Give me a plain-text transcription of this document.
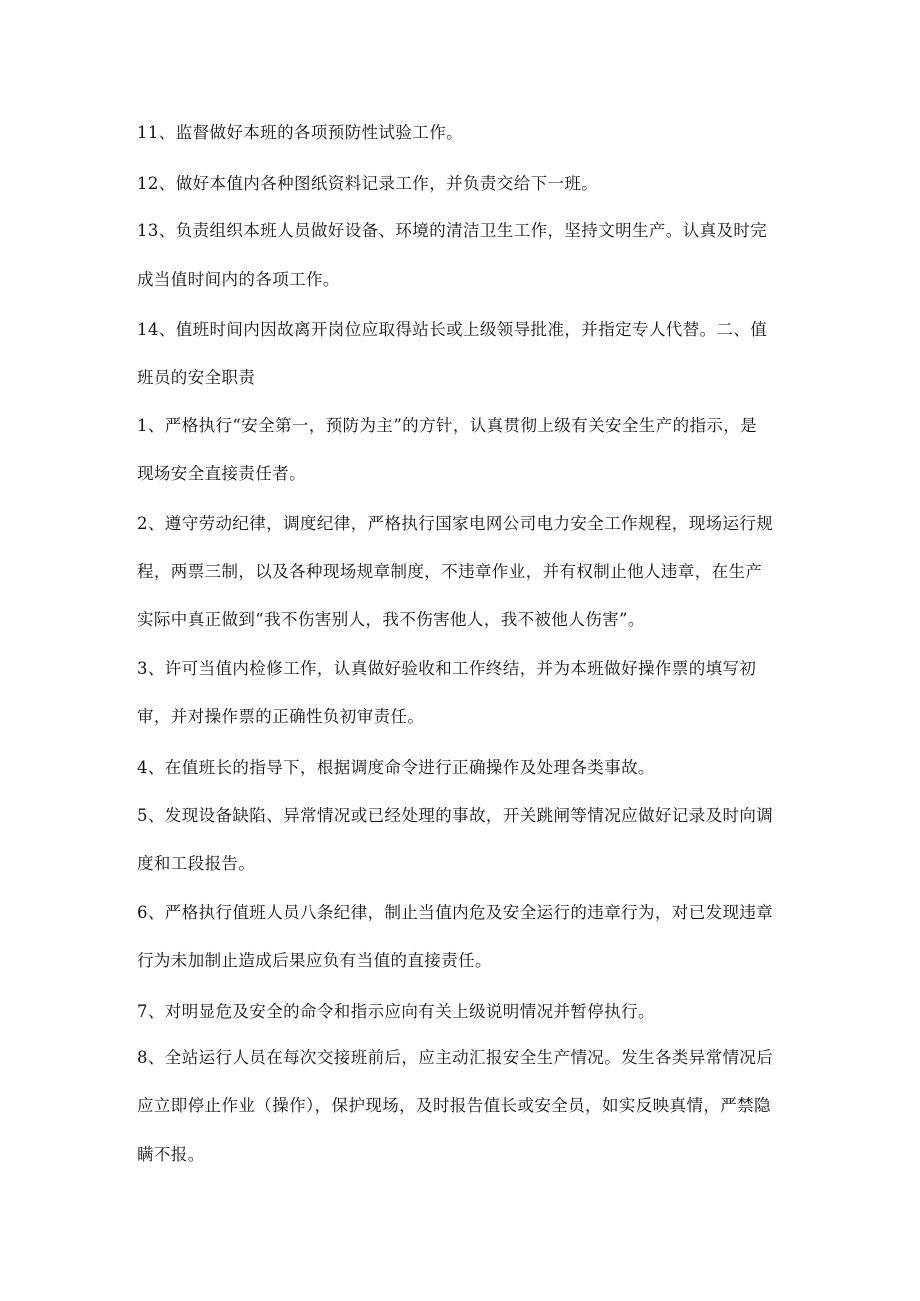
11、监督做好本班的各项预防性试验工作。
12、做好本值内各种图纸资料记录工作，并负责交给下一班。
13、负责组织本班人员做好设备、环境的清洁卫生工作，坚持文明生产。认真及时完
成当值时间内的各项工作。
14、值班时间内因故离开岗位应取得站长或上级领导批准，并指定专人代替。二、值
班员的安全职责
1、严格执行“安全第一，预防为主”的方针，认真贯彻上级有关安全生产的指示，是
现场安全直接责任者。
2、遵守劳动纪律，调度纪律，严格执行国家电网公司电力安全工作规程，现场运行规
程，两票三制，以及各种现场规章制度，不违章作业，并有权制止他人违章，在生产
实际中真正做到“我不伤害别人，我不伤害他人，我不被他人伤害”。
3、许可当值内检修工作，认真做好验收和工作终结，并为本班做好操作票的填写初
审，并对操作票的正确性负初审责任。
4、在值班长的指导下，根据调度命令进行正确操作及处理各类事故。
5、发现设备缺陷、异常情况或已经处理的事故，开关跳闸等情况应做好记录及时向调
度和工段报告。
6、严格执行值班人员八条纪律，制止当值内危及安全运行的违章行为，对已发现违章
行为未加制止造成后果应负有当值的直接责任。
7、对明显危及安全的命令和指示应向有关上级说明情况并暂停执行。
8、全站运行人员在每次交接班前后，应主动汇报安全生产情况。发生各类异常情况后
应立即停止作业（操作），保护现场，及时报告值长或安全员，如实反映真情，严禁隐
瞒不报。
